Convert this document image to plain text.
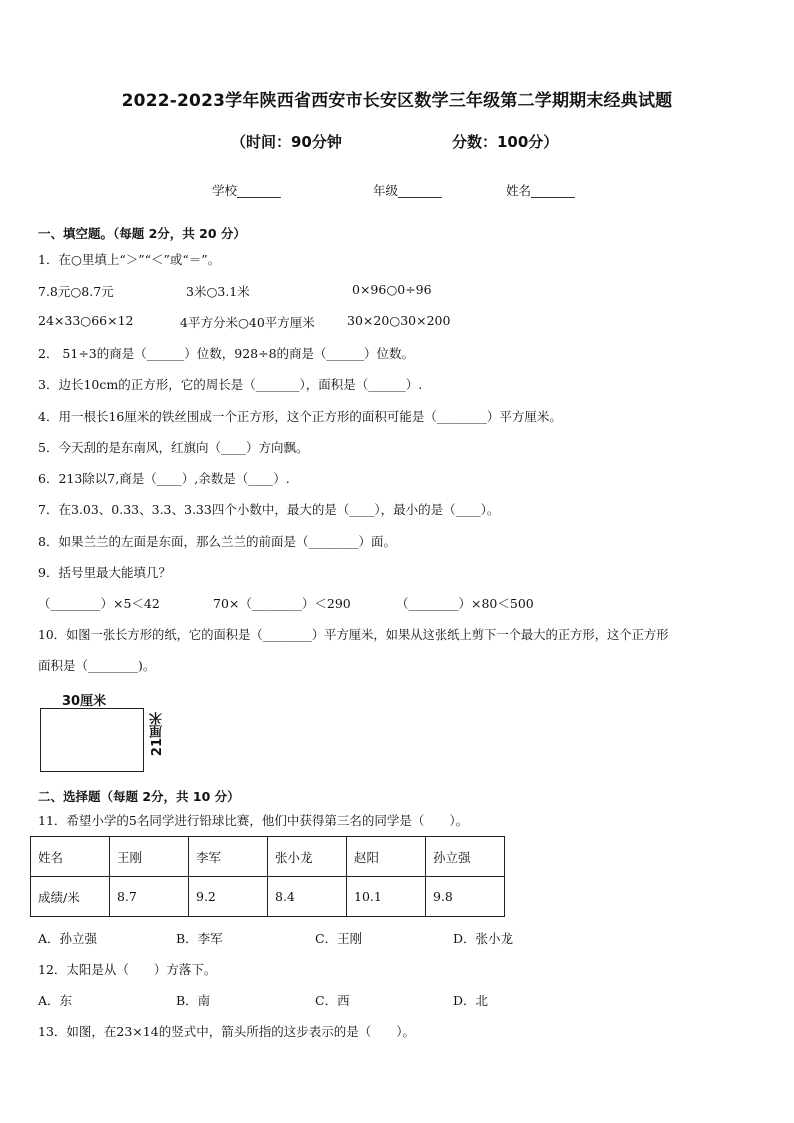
2022-2023学年陕西省西安市长安区数学三年级第二学期期末经典试题
（时间：90分钟	分数：100分）
学校_______	年级_______	姓名_______
一、填空题。（每题 2分，共 20 分）
1．在○里填上“＞”“＜”或“＝”。
7.8元○8.7元	3米○3.1米	0×96○0÷96
24×33○66×12	4平方分米○40平方厘米	30×20○30×200
2． 51÷3的商是（______）位数，928÷8的商是（______）位数。
3．边长10cm的正方形，它的周长是（_______），面积是（______）.
4．用一根长16厘米的铁丝围成一个正方形，这个正方形的面积可能是（________）平方厘米。
5．今天刮的是东南风，红旗向（____）方向飘。
6．213除以7,商是（____）,余数是（____）.
7．在3.03、0.33、3.3、3.33四个小数中，最大的是（____），最小的是（____）。
8．如果兰兰的左面是东面，那么兰兰的前面是（________）面。
9．括号里最大能填几？
（________）×5＜42	70×（________）＜290	（________）×80＜500
10．如图一张长方形的纸，它的面积是（________）平方厘米，如果从这张纸上剪下一个最大的正方形，这个正方形
面积是（________)。
30厘米
21厘米
二、选择题（每题 2分，共 10 分）
11．希望小学的5名同学进行铅球比赛，他们中获得第三名的同学是（　　）。
姓名	王刚	李军	张小龙	赵阳	孙立强
成绩/米	8.7	9.2	8.4	10.1	9.8
A．孙立强	B．李军	C．王刚	D．张小龙
12．太阳是从（　　）方落下。
A．东	B．南	C．西	D．北
13．如图，在23×14的竖式中，箭头所指的这步表示的是（　　）。
